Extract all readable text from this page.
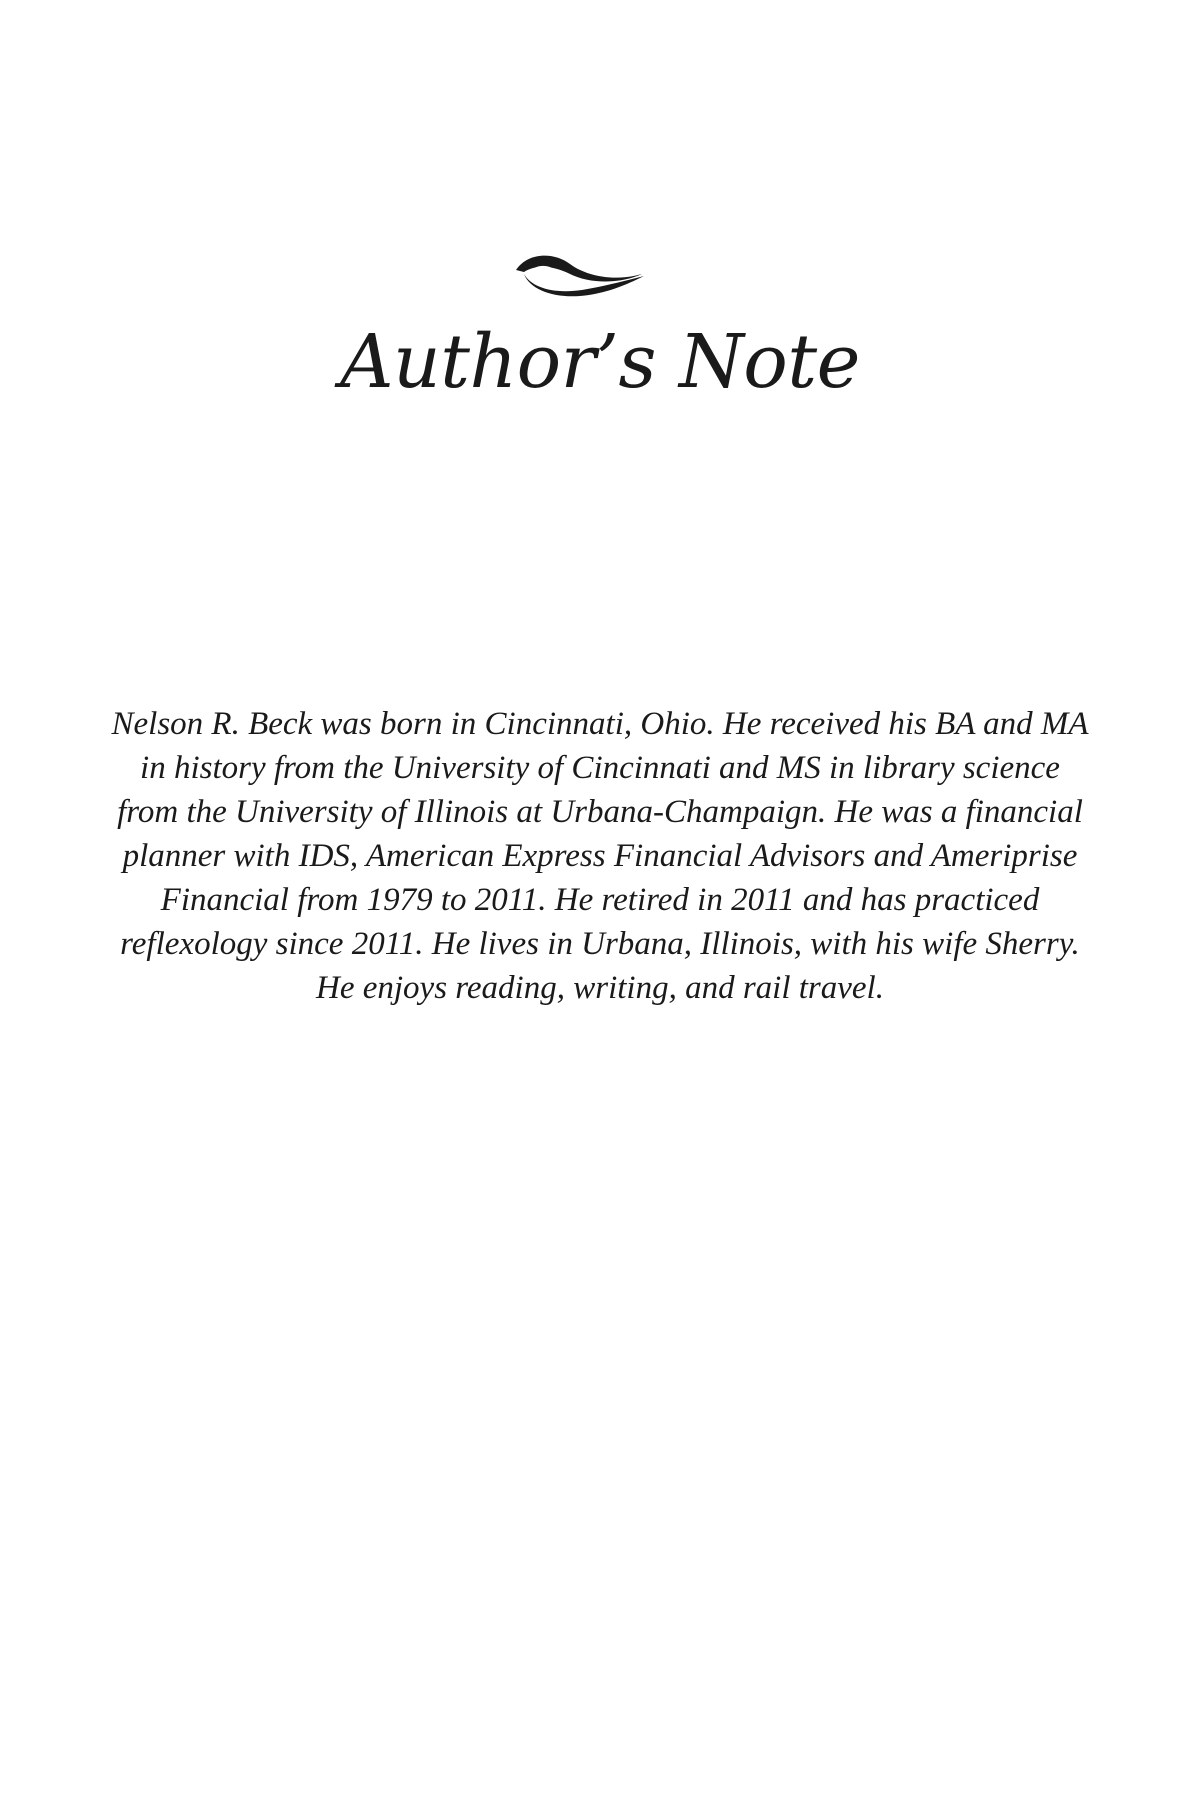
Author’s Note
Nelson R. Beck was born in Cincinnati, Ohio. He received his BA and MA
in history from the University of Cincinnati and MS in library science
from the University of Illinois at Urbana-Champaign. He was a financial
planner with IDS, American Express Financial Advisors and Ameriprise
Financial from 1979 to 2011. He retired in 2011 and has practiced
reflexology since 2011. He lives in Urbana, Illinois, with his wife Sherry.
He enjoys reading, writing, and rail travel.
